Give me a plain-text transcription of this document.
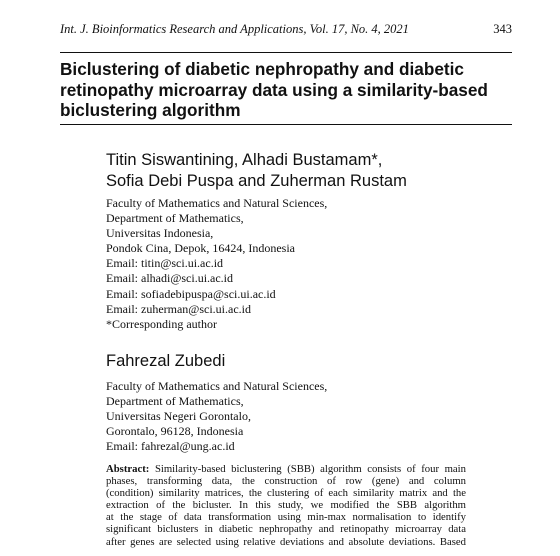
Int. J. Bioinformatics Research and Applications, Vol. 17, No. 4, 2021	343
Biclustering of diabetic nephropathy and diabetic
retinopathy microarray data using a similarity-based
biclustering algorithm
Titin Siswantining, Alhadi Bustamam*,
Sofia Debi Puspa and Zuherman Rustam
Faculty of Mathematics and Natural Sciences,
Department of Mathematics,
Universitas Indonesia,
Pondok Cina, Depok, 16424, Indonesia
Email: titin@sci.ui.ac.id
Email: alhadi@sci.ui.ac.id
Email: sofiadebipuspa@sci.ui.ac.id
Email: zuherman@sci.ui.ac.id
*Corresponding author
Fahrezal Zubedi
Faculty of Mathematics and Natural Sciences,
Department of Mathematics,
Universitas Negeri Gorontalo,
Gorontalo, 96128, Indonesia
Email: fahrezal@ung.ac.id
Abstract: Similarity-based biclustering (SBB) algorithm consists of four main
phases, transforming data, the construction of row (gene) and column
(condition) similarity matrices, the clustering of each similarity matrix and the
extraction of the bicluster. In this study, we modified the SBB algorithm
at the stage of data transformation using min-max normalisation to identify
significant biclusters in diabetic nephropathy and retinopathy microarray data
after genes are selected using relative deviations and absolute deviations. Based
